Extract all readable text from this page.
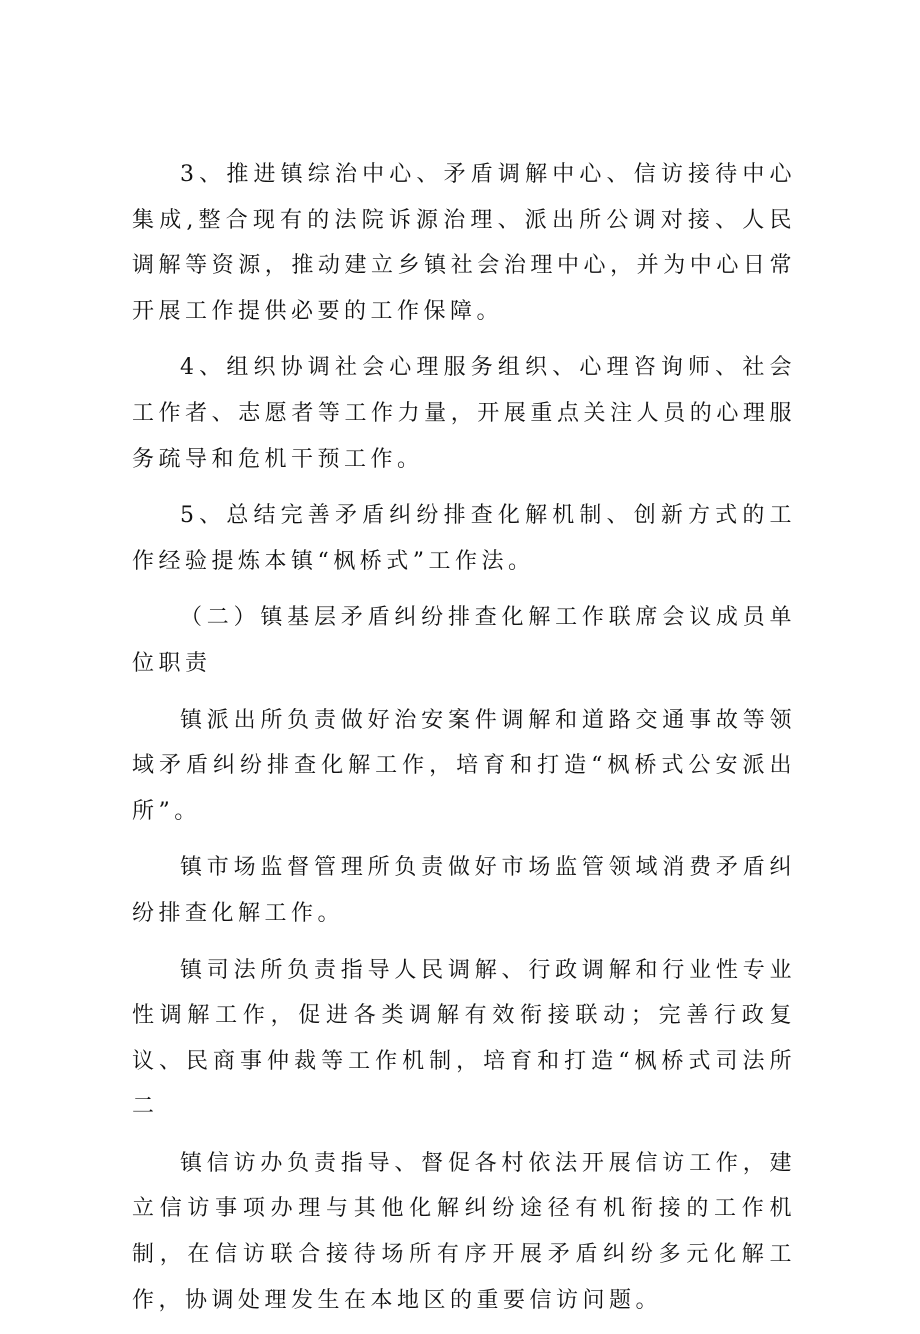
3、推进镇综治中心、矛盾调解中心、信访接待中心集成,整合现有的法院诉源治理、派出所公调对接、人民调解等资源，推动建立乡镇社会治理中心，并为中心日常开展工作提供必要的工作保障。

4、组织协调社会心理服务组织、心理咨询师、社会工作者、志愿者等工作力量，开展重点关注人员的心理服务疏导和危机干预工作。

5、总结完善矛盾纠纷排查化解机制、创新方式的工作经验提炼本镇“枫桥式”工作法。

（二）镇基层矛盾纠纷排查化解工作联席会议成员单位职责

镇派出所负责做好治安案件调解和道路交通事故等领域矛盾纠纷排查化解工作，培育和打造“枫桥式公安派出所”。

镇市场监督管理所负责做好市场监管领域消费矛盾纠纷排查化解工作。

镇司法所负责指导人民调解、行政调解和行业性专业性调解工作，促进各类调解有效衔接联动；完善行政复议、民商事仲裁等工作机制，培育和打造“枫桥式司法所二

镇信访办负责指导、督促各村依法开展信访工作，建立信访事项办理与其他化解纠纷途径有机衔接的工作机制，在信访联合接待场所有序开展矛盾纠纷多元化解工作，协调处理发生在本地区的重要信访问题。
